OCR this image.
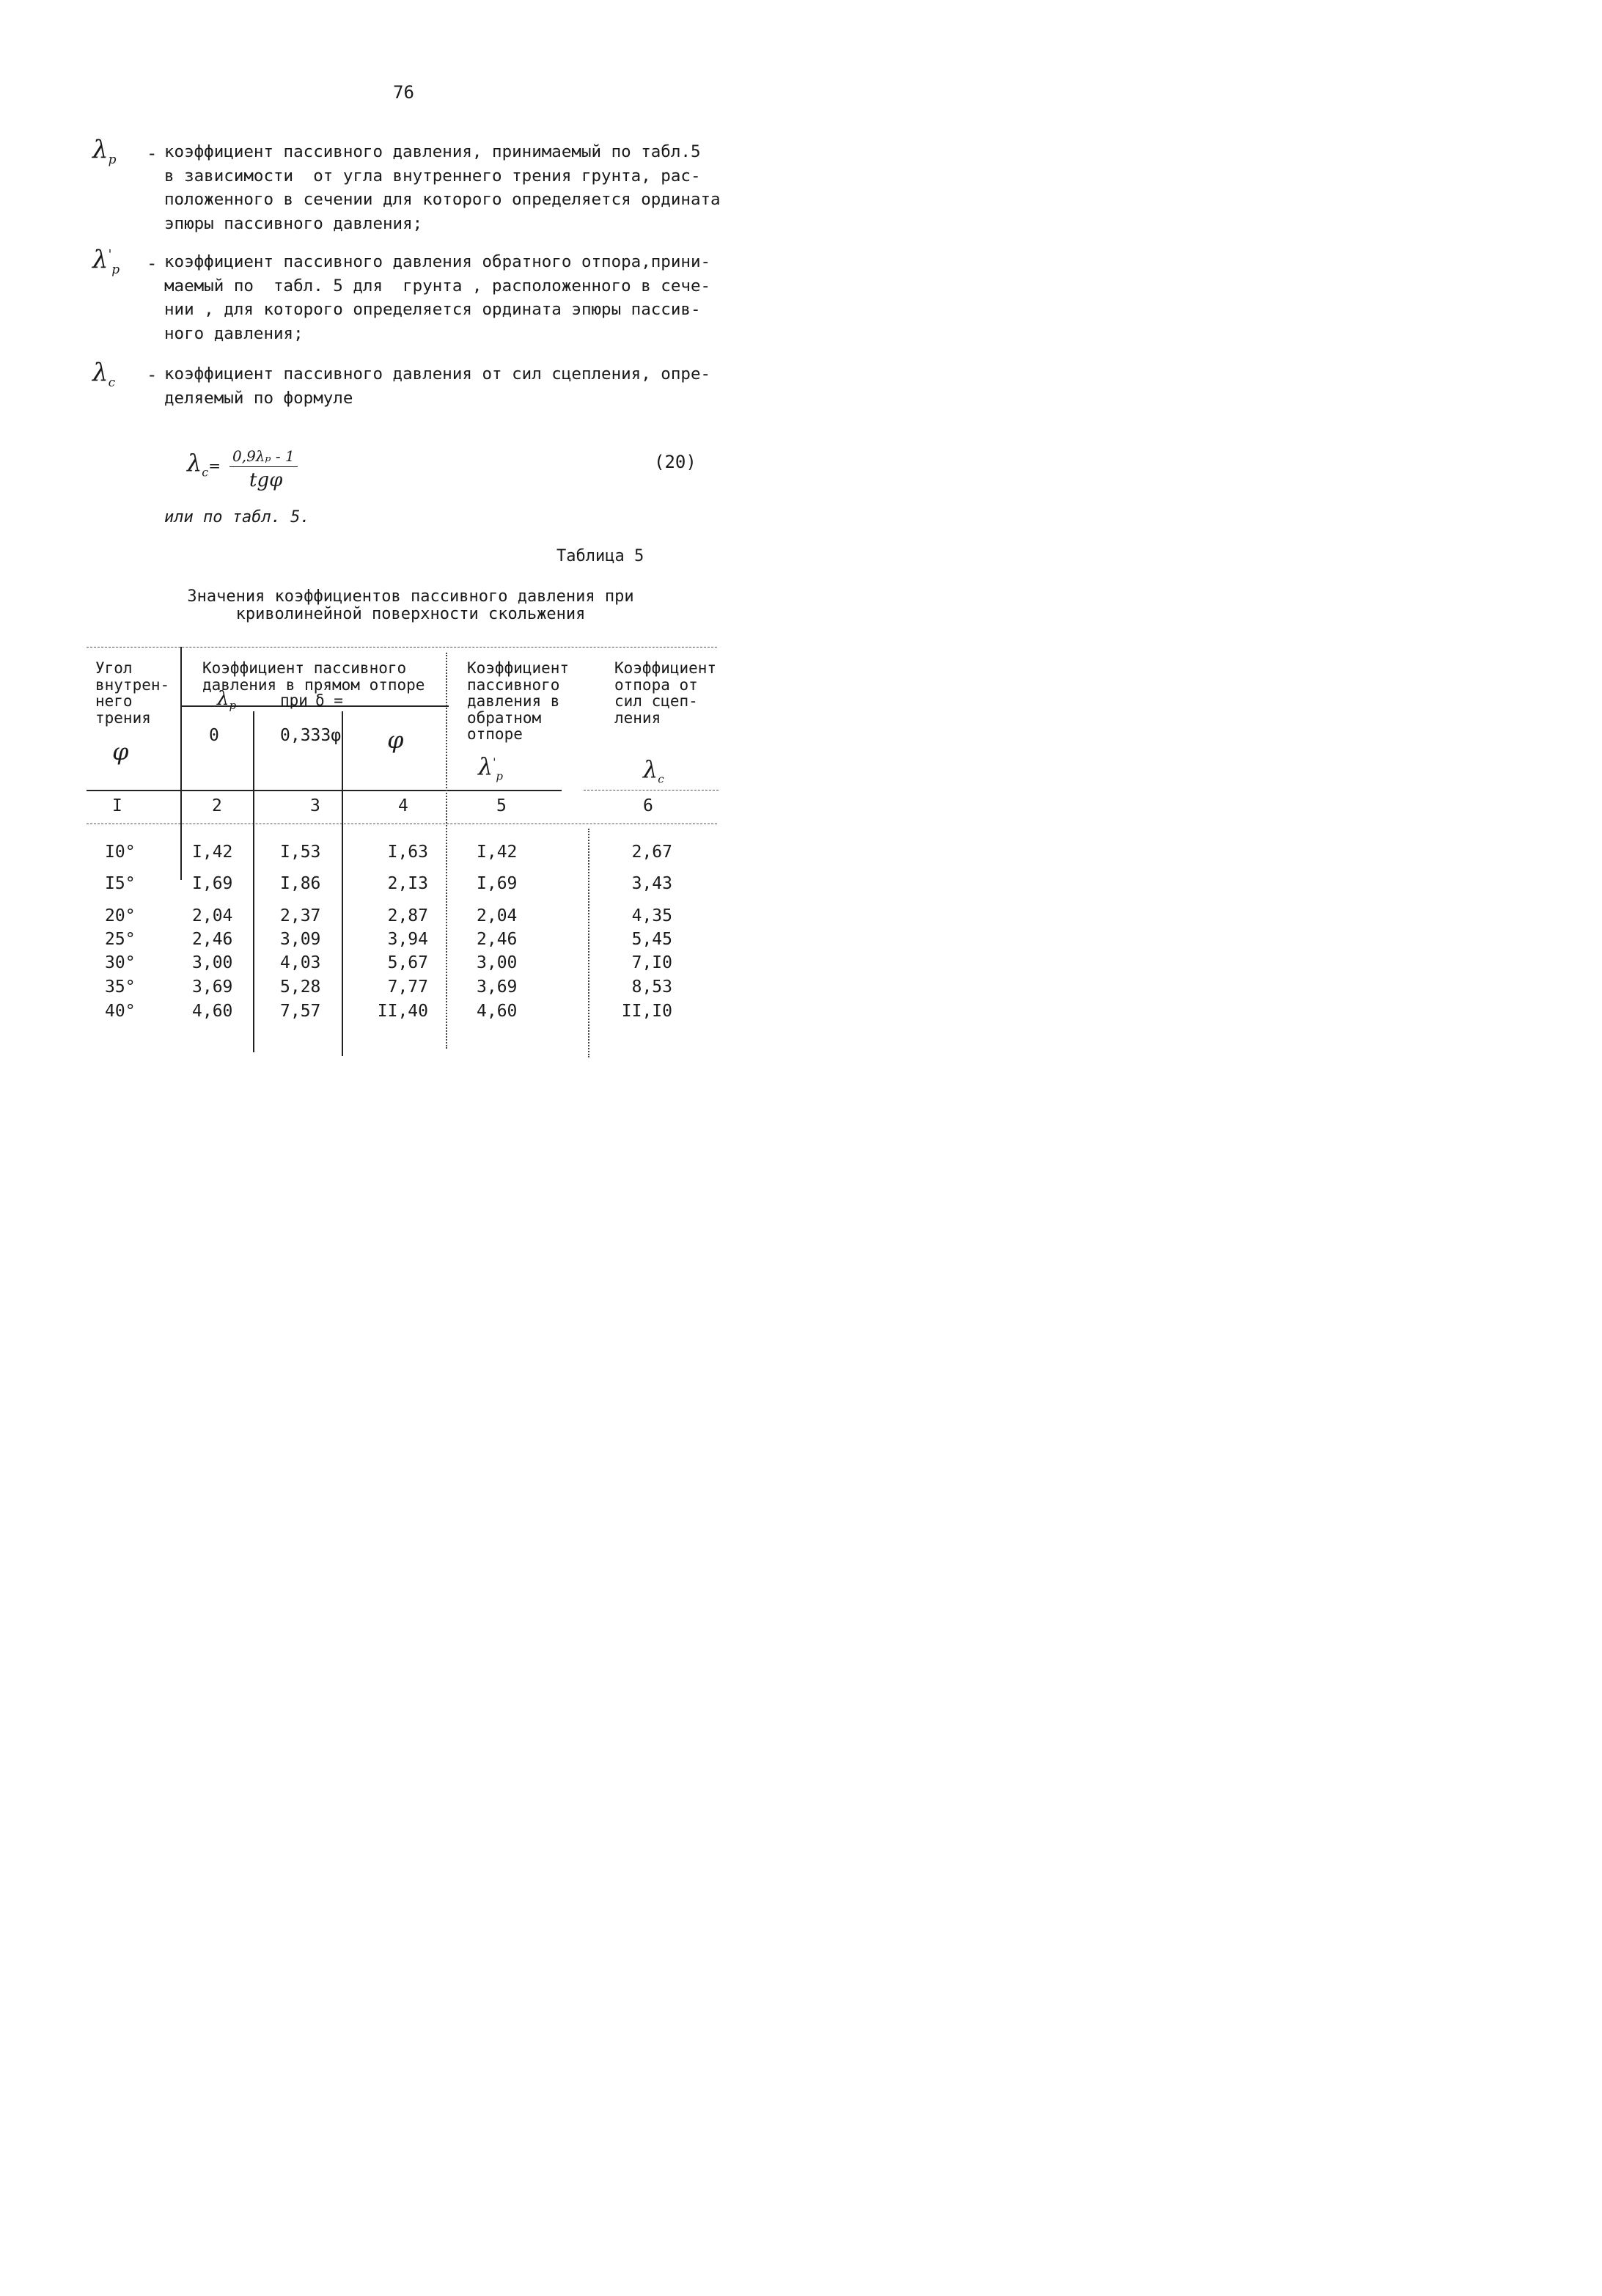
76
$\lambda_p$ - коэффициент пассивного давления, принимаемый по табл.5
в зависимости  от угла внутреннего трения грунта, рас-
положенного в сечении для которого определяется ордината
эпюры пассивного давления;
$\lambda'_p$ - коэффициент пассивного давления обратного отпора,прини-
маемый по  табл. 5 для  грунта , расположенного в сече-
нии , для которого определяется ордината эпюры пассив-
ного давления;
$\lambda_c$ - коэффициент пассивного давления от сил сцепления, опре-
деляемый по формуле
$\lambda_c=$
0,9λₚ - 1
tgφ
(20)
или по табл. 5.
Таблица 5
Значения коэффициентов пассивного давления при
криволинейной поверхности скольжения
Угол
внутрен-
него
трения
φ
Коэффициент пассивного
давления в прямом отпоре
$\lambda_p$	при δ =
0	0,333φ φ
Коэффициент
пассивного
давления в
обратном
отпоре
$\lambda'_p$
Коэффициент
отпора от
сил сцеп-
ления
$\lambda_c$
I	2	3	4	5	6
I0°	I,42	I,53	I,63	I,42	2,67
I5°	I,69	I,86	2,I3	I,69	3,43
20°	2,04	2,37	2,87	2,04	4,35
25°	2,46	3,09	3,94	2,46	5,45
30°	3,00	4,03	5,67	3,00	7,I0
35°	3,69	5,28	7,77	3,69	8,53
40°	4,60	7,57	II,40	4,60	II,I0
